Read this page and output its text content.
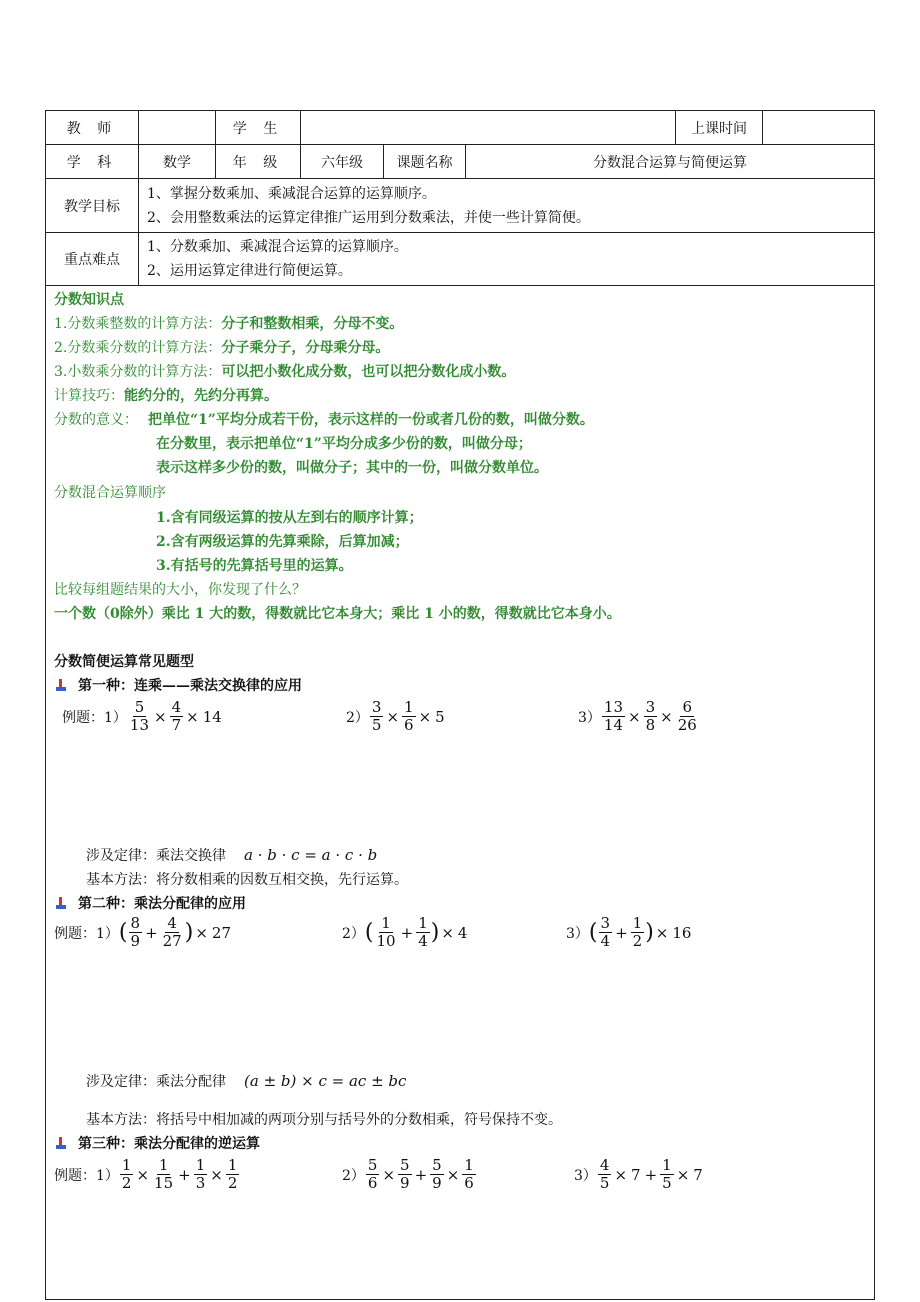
教 师		学 生				上课时间	
学 科	数学	年 级	六年级	课题名称	分数混合运算与简便运算		
教学目标	1、掌握分数乘加、乘减混合运算的运算顺序。
2、会用整数乘法的运算定律推广运用到分数乘法，并使一些计算简便。						

重点难点	1、分数乘加、乘减混合运算的运算顺序。
2、运用运算定律进行简便运算。						
分数知识点
1.分数乘整数的计算方法：分子和整数相乘，分母不变。
2.分数乘分数的计算方法：分子乘分子，分母乘分母。
3.小数乘分数的计算方法：可以把小数化成分数，也可以把分数化成小数。
计算技巧：能约分的，先约分再算。
分数的意义： 把单位“1”平均分成若干份，表示这样的一份或者几份的数，叫做分数。
在分数里，表示把单位“1”平均分成多少份的数，叫做分母；
表示这样多少份的数，叫做分子；其中的一份，叫做分数单位。
分数混合运算顺序
1.含有同级运算的按从左到右的顺序计算；
2.含有两级运算的先算乘除，后算加减；
3.有括号的先算括号里的运算。
比较每组题结果的大小，你发现了什么？
一个数（0除外）乘比 1 大的数，得数就比它本身大；乘比 1 小的数，得数就比它本身小。
分数简便运算常见题型
第一种：连乘——乘法交换律的应用
例题： $1) \frac{5}{13} \times \frac{4}{7} \times 14$	$2) \frac{3}{5} \times \frac{1}{6} \times 5$	$3) \frac{13}{14} \times \frac{3}{8} \times \frac{6}{26}$
涉及定律：乘法交换律 a · b · c = a · c · b
基本方法：将分数相乘的因数互相交换，先行运算。
第二种：乘法分配律的应用
例题： 1） ( $\frac{8}{9} + \frac{4}{27}$ ) × 27	2） ( $\frac{1}{10} + \frac{1}{4}$ ) × 4	3） ( $\frac{3}{4} + \frac{1}{2}$ ) × 16
涉及定律：乘法分配律 (a ± b) × c = ac ± bc
基本方法：将括号中相加减的两项分别与括号外的分数相乘，符号保持不变。
第三种：乘法分配律的逆运算
例题： $1) \frac{1}{2} \times \frac{1}{15} + \frac{1}{3} \times \frac{1}{2}$	$2) \frac{5}{6} \times \frac{5}{9} + \frac{5}{9} \times \frac{1}{6}$	$3) \frac{4}{5} \times 7 + \frac{1}{5} \times 7$
